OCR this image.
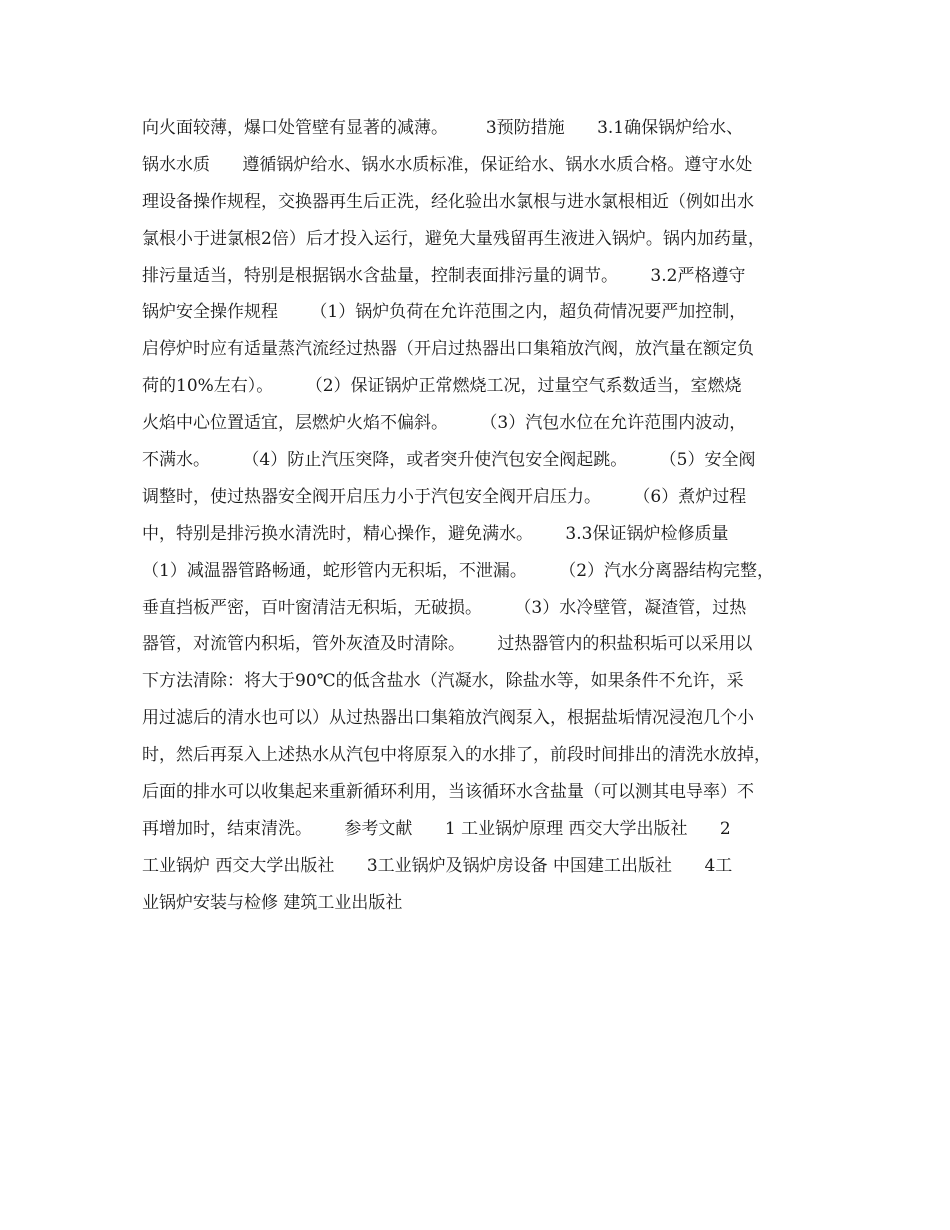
向火面较薄，爆口处管壁有显著的减薄。       3预防措施      3.1确保锅炉给水、
锅水水质      遵循锅炉给水、锅水水质标准，保证给水、锅水水质合格。遵守水处
理设备操作规程，交换器再生后正洗，经化验出水氯根与进水氯根相近（例如出水
氯根小于进氯根2倍）后才投入运行，避免大量残留再生液进入锅炉。锅内加药量，
排污量适当，特别是根据锅水含盐量，控制表面排污量的调节。      3.2严格遵守
锅炉安全操作规程      （1）锅炉负荷在允许范围之内，超负荷情况要严加控制，
启停炉时应有适量蒸汽流经过热器（开启过热器出口集箱放汽阀，放汽量在额定负
荷的10%左右）。      （2）保证锅炉正常燃烧工况，过量空气系数适当，室燃烧
火焰中心位置适宜，层燃炉火焰不偏斜。      （3）汽包水位在允许范围内波动，
不满水。      （4）防止汽压突降，或者突升使汽包安全阀起跳。      （5）安全阀
调整时，使过热器安全阀开启压力小于汽包安全阀开启压力。      （6）煮炉过程
中，特别是排污换水清洗时，精心操作，避免满水。      3.3保证锅炉检修质量
（1）减温器管路畅通，蛇形管内无积垢，不泄漏。      （2）汽水分离器结构完整，
垂直挡板严密，百叶窗清洁无积垢，无破损。      （3）水冷壁管，凝渣管，过热
器管，对流管内积垢，管外灰渣及时清除。      过热器管内的积盐积垢可以采用以
下方法清除：将大于90℃的低含盐水（汽凝水，除盐水等，如果条件不允许，采
用过滤后的清水也可以）从过热器出口集箱放汽阀泵入，根据盐垢情况浸泡几个小
时，然后再泵入上述热水从汽包中将原泵入的水排了，前段时间排出的清洗水放掉，
后面的排水可以收集起来重新循环利用，当该循环水含盐量（可以测其电导率）不
再增加时，结束清洗。      参考文献      1 工业锅炉原理 西交大学出版社      2
工业锅炉 西交大学出版社      3工业锅炉及锅炉房设备 中国建工出版社      4工
业锅炉安装与检修 建筑工业出版社
